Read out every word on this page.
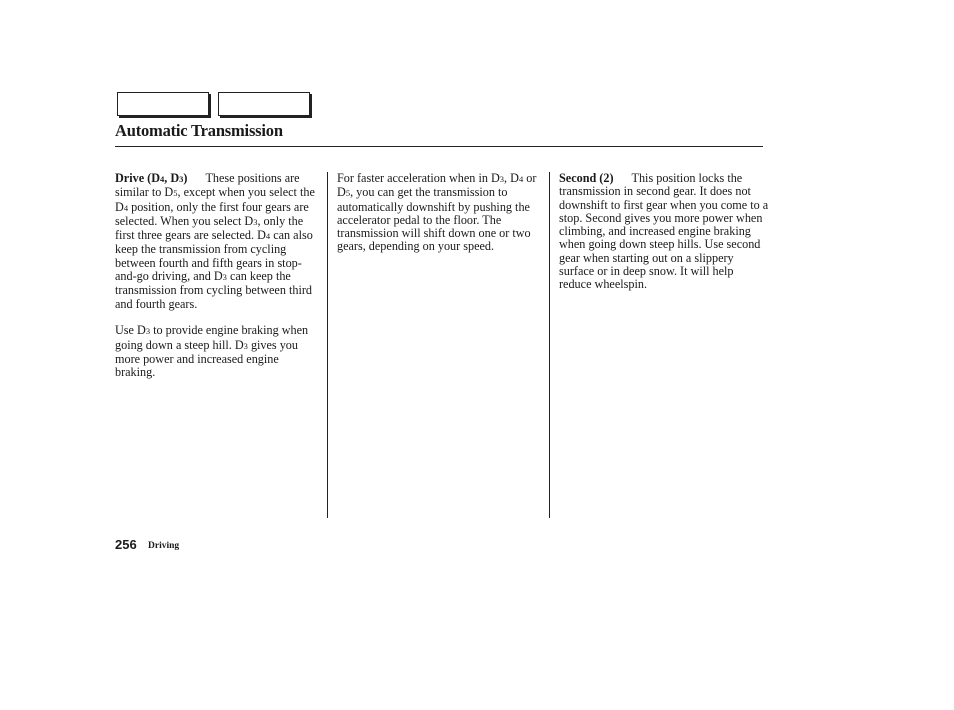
Automatic Transmission

Drive (D4, D3) These positions are similar to D5, except when you select the D4 position, only the first four gears are selected. When you select D3, only the first three gears are selected. D4 can also keep the transmission from cycling between fourth and fifth gears in stop-and-go driving, and D3 can keep the transmission from cycling between third and fourth gears.

Use D3 to provide engine braking when going down a steep hill. D3 gives you more power and increased engine braking.

For faster acceleration when in D3, D4 or D5, you can get the transmission to automatically downshift by pushing the accelerator pedal to the floor. The transmission will shift down one or two gears, depending on your speed.

Second (2) This position locks the transmission in second gear. It does not downshift to first gear when you come to a stop. Second gives you more power when climbing, and increased engine braking when going down steep hills. Use second gear when starting out on a slippery surface or in deep snow. It will help reduce wheelspin.

256 Driving
